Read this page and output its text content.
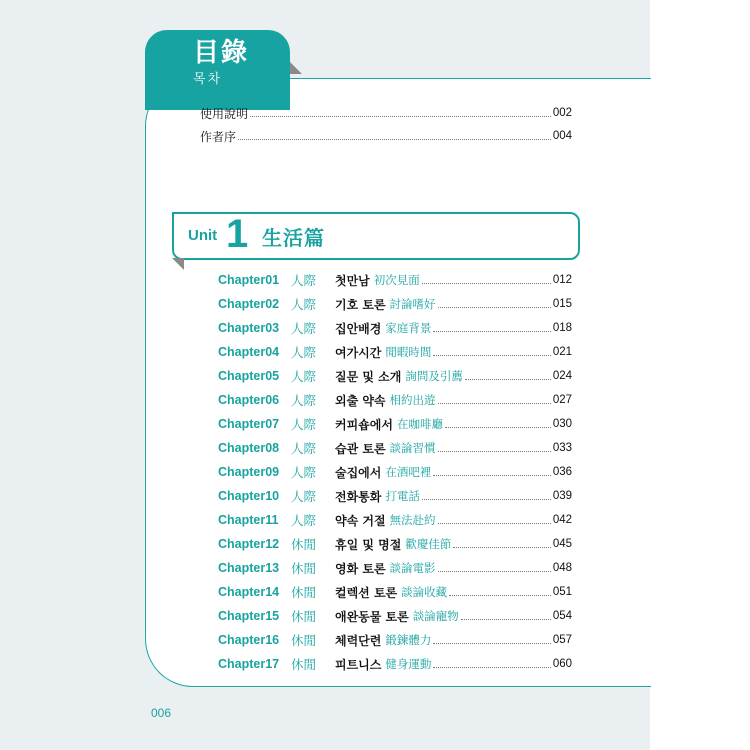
目錄
목차
使用說明	002
作者序	004
Unit 1 生活篇
Chapter01 人際	첫만남 初次見面	012
Chapter02 人際	기호 토론 討論嗜好	015
Chapter03 人際	집안배경 家庭背景	018
Chapter04 人際	여가시간 閒暇時間	021
Chapter05 人際	질문 및 소개 詢問及引薦	024
Chapter06 人際	외출 약속 相約出遊	027
Chapter07 人際	커피숍에서 在咖啡廳	030
Chapter08 人際	습관 토론 談論習慣	033
Chapter09 人際	술집에서 在酒吧裡	036
Chapter10 人際	전화통화 打電話	039
Chapter11	人際	약속 거절 無法赴約	042
Chapter12 休閒	휴일 및 명절 歡慶佳節	045
Chapter13 休閒	영화 토론 談論電影	048
Chapter14 休閒	컬렉션 토론 談論收藏	051
Chapter15 休閒	애완동물 토론 談論寵物	054
Chapter16 休閒	체력단련 鍛鍊體力	057
Chapter17 休閒	피트니스 健身運動	060
006
